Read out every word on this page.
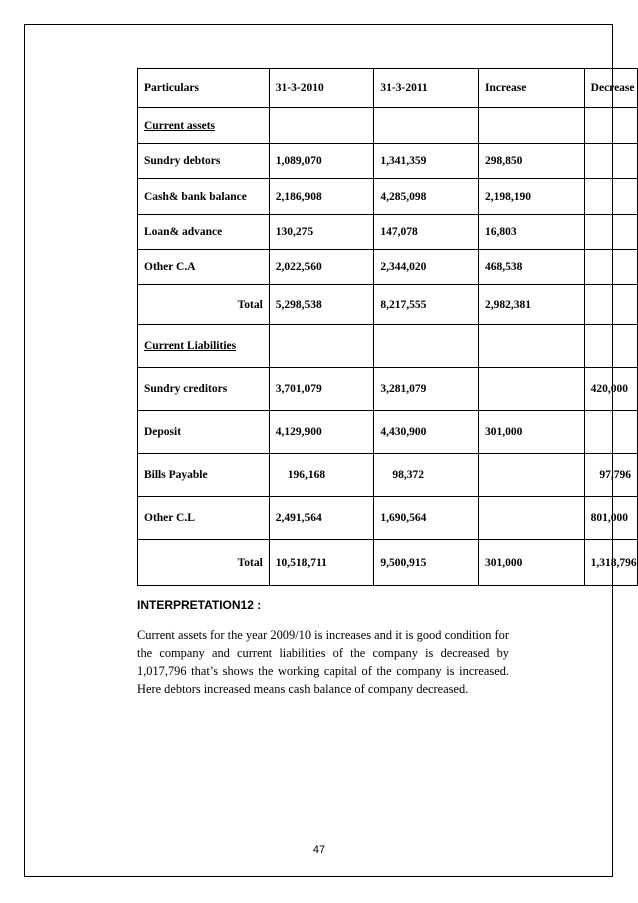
Particulars	31-3-2010	31-3-2011	Increase	Decrease
Current assets				
Sundry debtors	1,089,070	1,341,359	298,850	
Cash& bank balance	2,186,908	4,285,098	2,198,190	
Loan& advance	130,275	147,078	16,803	
Other C.A	2,022,560	2,344,020	468,538	
Total	5,298,538	8,217,555	2,982,381	
Current Liabilities				
Sundry creditors	3,701,079	3,281,079		420,000
Deposit	4,129,900	4,430,900	301,000	
Bills Payable	196,168	98,372		97,796
Other C.L	2,491,564	1,690,564		801,000
Total	10,518,711	9,500,915	301,000	1,318,796
INTERPRETATION12 :
Current assets for the year 2009/10 is increases and it is good condition for the company and current liabilities of the company is decreased by 1,017,796 that’s shows the working capital of the company is increased. Here debtors increased means cash balance of company decreased.
47
